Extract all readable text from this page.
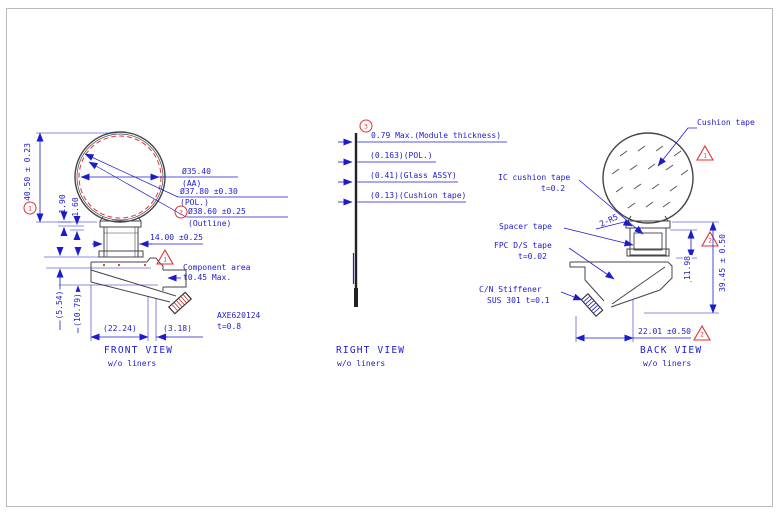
40.50 ± 0.23
1	1.90 1.60
Ø35.40
(AA)
Ø37.80 ±0.30
(POL.)
2 Ø38.60 ±0.25
(Outline)
14.00 ±0.25
1
Component area
t0.45 Max.
(5.54) (10.79)
(22.24)	(3.18)
AXE620124
t=0.8
FRONT VIEW
w/o liners
3
0.79 Max.(Module thickness)
(0.163)(POL.)
(0.41)(Glass ASSY)
(0.13)(Cushion tape)
RIGHT VIEW
w/o liners
Cushion tape
1
IC cushion tape
t=0.2
2-R5
Spacer tape
FPC D/S tape
t=0.02
C/N Stiffener
SUS 301 t=0.1
11.98	39.45 ± 0.50
2
22.01 ±0.50 2
BACK VIEW
w/o liners
